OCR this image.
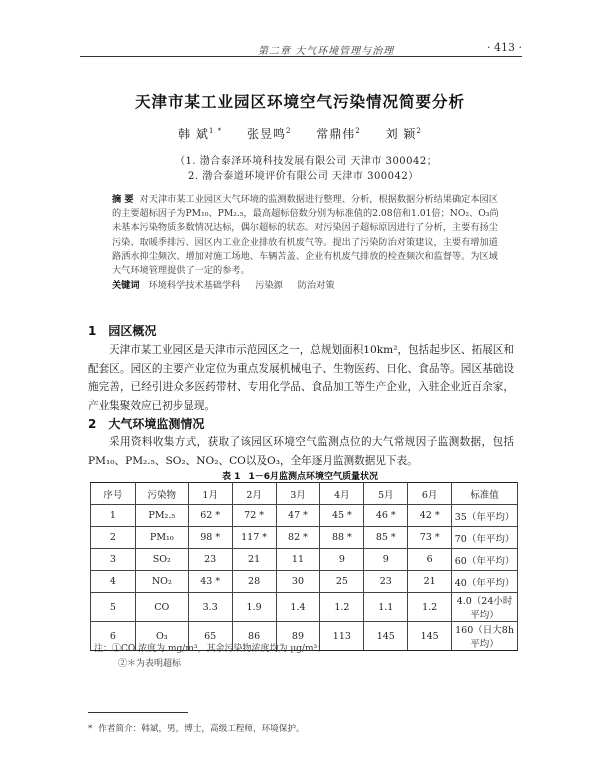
第二章 大气环境管理与治理	· 413 ·
天津市某工业园区环境空气污染情况简要分析
韩 斌$^{1 *}$ 张昱鸣$^2$ 常鼎伟$^2$ 刘 颖$^2$
（1. 渤合泰泽环境科技发展有限公司 天津市 300042；
2. 渤合泰道环境评价有限公司 天津市 300042）
摘 要 对天津市某工业园区大气环境的监测数据进行整理、分析，根据数据分析结果确定本园区的主要超标因子为PM₁₀、PM₂.₅，最高超标倍数分别为标准值的2.08倍和1.01倍；NO₂、O₃尚未基本污染物质多数情况达标，偶尔超标的状态。对污染因子超标原因进行了分析，主要有扬尘污染、取暖季排污、园区内工业企业排放有机废气等。提出了污染防治对策建议，主要有增加道路洒水抑尘频次、增加对施工场地、车辆苫盖、企业有机废气排放的检查频次和监督等。为区域大气环境管理提供了一定的参考。
关键词 环境科学技术基础学科 污染源 防治对策
1 园区概况
天津市某工业园区是天津市示范园区之一，总规划面积10km²，包括起步区、拓展区和配套区。园区的主要产业定位为重点发展机械电子、生物医药、日化、食品等。园区基础设施完善，已经引进众多医药带材、专用化学品、食品加工等生产企业，入驻企业近百余家，产业集聚效应已初步显现。
2 大气环境监测情况
采用资料收集方式，获取了该园区环境空气监测点位的大气常规因子监测数据，包括PM₁₀、PM₂.₅、SO₂、NO₂、CO以及O₃，全年逐月监测数据见下表。
表 1 1－6月监测点环境空气质量状况
序号	污染物	1月	2月	3月	4月	5月	6月	标准值
1	PM₂.₅	62 *	72 *	47 *	45 *	46 *	42 *	35（年平均）
2	PM₁₀	98 *	117 *	82 *	88 *	85 *	73 *	70（年平均）
3	SO₂	23	21	11	9	9	6	60（年平均）
4	NO₂	43 *	28	30	25	23	21	40（年平均）
5	CO	3.3	1.9	1.4	1.2	1.1	1.2	4.0（24小时平均）
6	O₃	65	86	89	113	145	145	160（日大8h平均）
注：①CO 浓度为 mg/m³，其余污染物浓度均为 μg/m³；
②＊为表明超标
* 作者简介：韩斌，男，博士，高级工程师，环境保护。
